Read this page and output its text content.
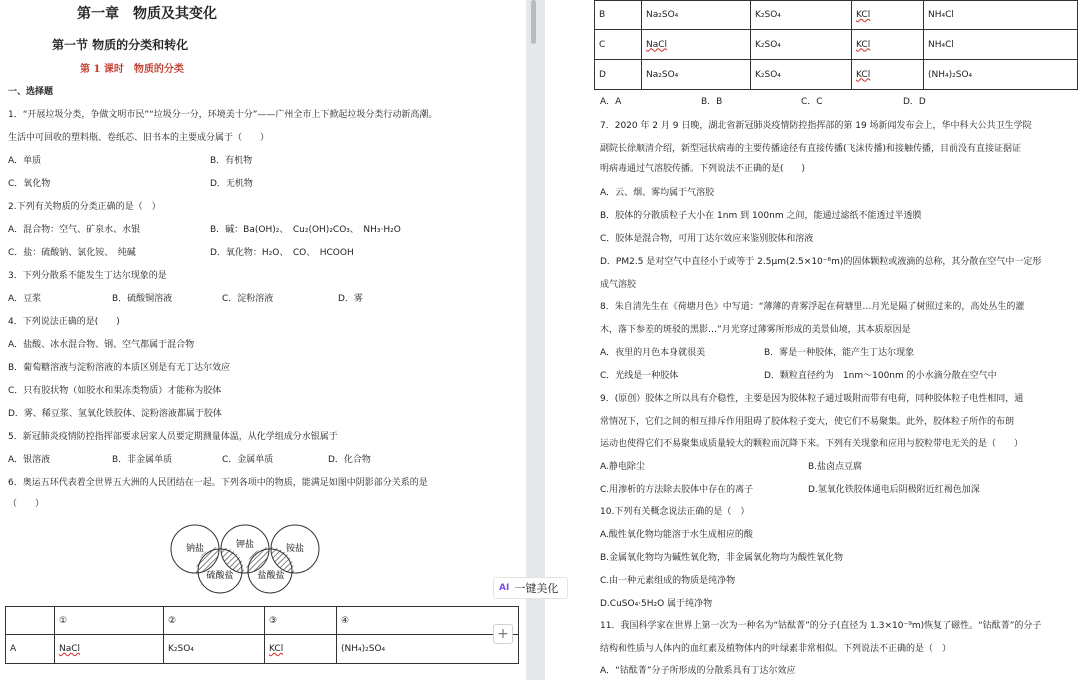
第一章　物质及其变化
第一节 物质的分类和转化
第 1 课时　物质的分类
一、选择题
1．“开展垃圾分类，争做文明市民”“垃圾分一分，环境美十分”——广州全市上下掀起垃圾分类行动新高潮。
生活中可回收的塑料瓶、卷纸芯、旧书本的主要成分属于（　　）
A．单质	B．有机物
C．氧化物	D．无机物
2.下列有关物质的分类正确的是（　）
A．混合物：空气、矿泉水、水银	B．碱：Ba(OH)₂、　Cu₂(OH)₂CO₃、　NH₃·H₂O
C．盐：硫酸钠、氯化铵、　纯碱	D．氧化物：H₂O、　CO、　HCOOH
3．下列分散系不能发生丁达尔现象的是
A．豆浆	B．硫酸铜溶液	C．淀粉溶液	D．雾
4．下列说法正确的是(　　)
A．盐酸、冰水混合物、钢、空气都属于混合物
B．葡萄糖溶液与淀粉溶液的本质区别是有无丁达尔效应
C．只有胶状物（如胶水和果冻类物质）才能称为胶体
D．雾、稀豆浆、氢氧化铁胶体、淀粉溶液都属于胶体
5．新冠肺炎疫情防控指挥部要求居家人员要定期测量体温，从化学组成分水银属于
A．银溶液	B．非金属单质	C．金属单质	D．化合物
6．奥运五环代表着全世界五大洲的人民团结在一起。下列各项中的物质，能满足如图中阴影部分关系的是
（　　）
钠盐	钾盐	铵盐
硫酸盐	盐酸盐
	①	②	③	④
A	NaCl	K₂SO₄	KCl	(NH₄)₂SO₄
B	Na₂SO₄	K₂SO₄	KCl	NH₄Cl
C	NaCl	K₂SO₄	KCl	NH₄Cl
D	Na₂SO₄	K₂SO₄	KCl	(NH₄)₂SO₄
A．A	B．B	C．C	D．D
7．2020 年 2 月 9 日晚，湖北省新冠肺炎疫情防控指挥部的第 19 场新闻发布会上，华中科大公共卫生学院
副院长徐顺清介绍，新型冠状病毒的主要传播途径有直接传播(飞沫传播)和接触传播，目前没有直接证据证
明病毒通过气溶胶传播。下列说法不正确的是(　　)
A．云、烟、雾均属于气溶胶
B．胶体的分散质粒子大小在 1nm 到 100nm 之间，能通过滤纸不能透过半透膜
C．胶体是混合物，可用丁达尔效应来鉴别胶体和溶液
D．PM2.5 是对空气中直径小于或等于 2.5μm(2.5×10⁻⁶m)的固体颗粒或液滴的总称，其分散在空气中一定形
成气溶胶
8．朱自清先生在《荷塘月色》中写道：“薄薄的青雾浮起在荷塘里…月光是隔了树照过来的，高处丛生的灌
木，落下参差的斑驳的黑影…”月光穿过薄雾所形成的美景仙境，其本质原因是
A．夜里的月色本身就很美	B．雾是一种胶体，能产生丁达尔现象
C．光线是一种胶体	D．颗粒直径约为　1nm～100nm 的小水滴分散在空气中
9．(原创）胶体之所以具有介稳性，主要是因为胶体粒子通过吸附而带有电荷，同种胶体粒子电性相同，通
常情况下，它们之间的相互排斥作用阻碍了胶体粒子变大，使它们不易聚集。此外，胶体粒子所作的布朗
运动也使得它们不易聚集成质量较大的颗粒而沉降下来。下列有关现象和应用与胶粒带电无关的是（　　）
A.静电除尘	B.盐卤点豆腐
C.用渗析的方法除去胶体中存在的离子	D.氢氧化铁胶体通电后阴极附近红褐色加深
10.下列有关概念说法正确的是（　）
A.酸性氧化物均能溶于水生成相应的酸
B.金属氧化物均为碱性氧化物，非金属氧化物均为酸性氧化物
C.由一种元素组成的物质是纯净物
D.CuSO₄·5H₂O 属于纯净物
11．我国科学家在世界上第一次为一种名为“钴酞菁”的分子(直径为 1.3×10⁻⁹m)恢复了磁性。“钴酞菁”的分子
结构和性质与人体内的血红素及植物体内的叶绿素非常相似。下列说法不正确的是（　）
A．“钴酞菁”分子所形成的分散系具有丁达尔效应
AI 一键美化
+
